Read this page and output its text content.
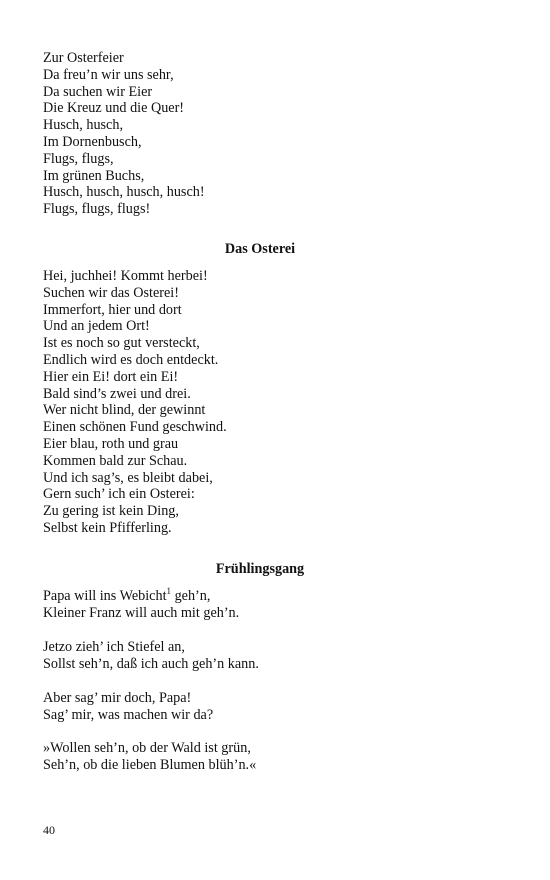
Zur Osterfeier
Da freu’n wir uns sehr,
Da suchen wir Eier
Die Kreuz und die Quer!
Husch, husch,
Im Dornenbusch,
Flugs, flugs,
Im grünen Buchs,
Husch, husch, husch, husch!
Flugs, flugs, flugs!
Das Osterei
Hei, juchhei! Kommt herbei!
Suchen wir das Osterei!
Immerfort, hier und dort
Und an jedem Ort!
Ist es noch so gut versteckt,
Endlich wird es doch entdeckt.
Hier ein Ei! dort ein Ei!
Bald sind’s zwei und drei.
Wer nicht blind, der gewinnt
Einen schönen Fund geschwind.
Eier blau, roth und grau
Kommen bald zur Schau.
Und ich sag’s, es bleibt dabei,
Gern such’ ich ein Osterei:
Zu gering ist kein Ding,
Selbst kein Pfifferling.
Frühlingsgang
Papa will ins Webicht$^1$ geh’n,
Kleiner Franz will auch mit geh’n.
Jetzo zieh’ ich Stiefel an,
Sollst seh’n, daß ich auch geh’n kann.
Aber sag’ mir doch, Papa!
Sag’ mir, was machen wir da?
»Wollen seh’n, ob der Wald ist grün,
Seh’n, ob die lieben Blumen blüh’n.«
40
